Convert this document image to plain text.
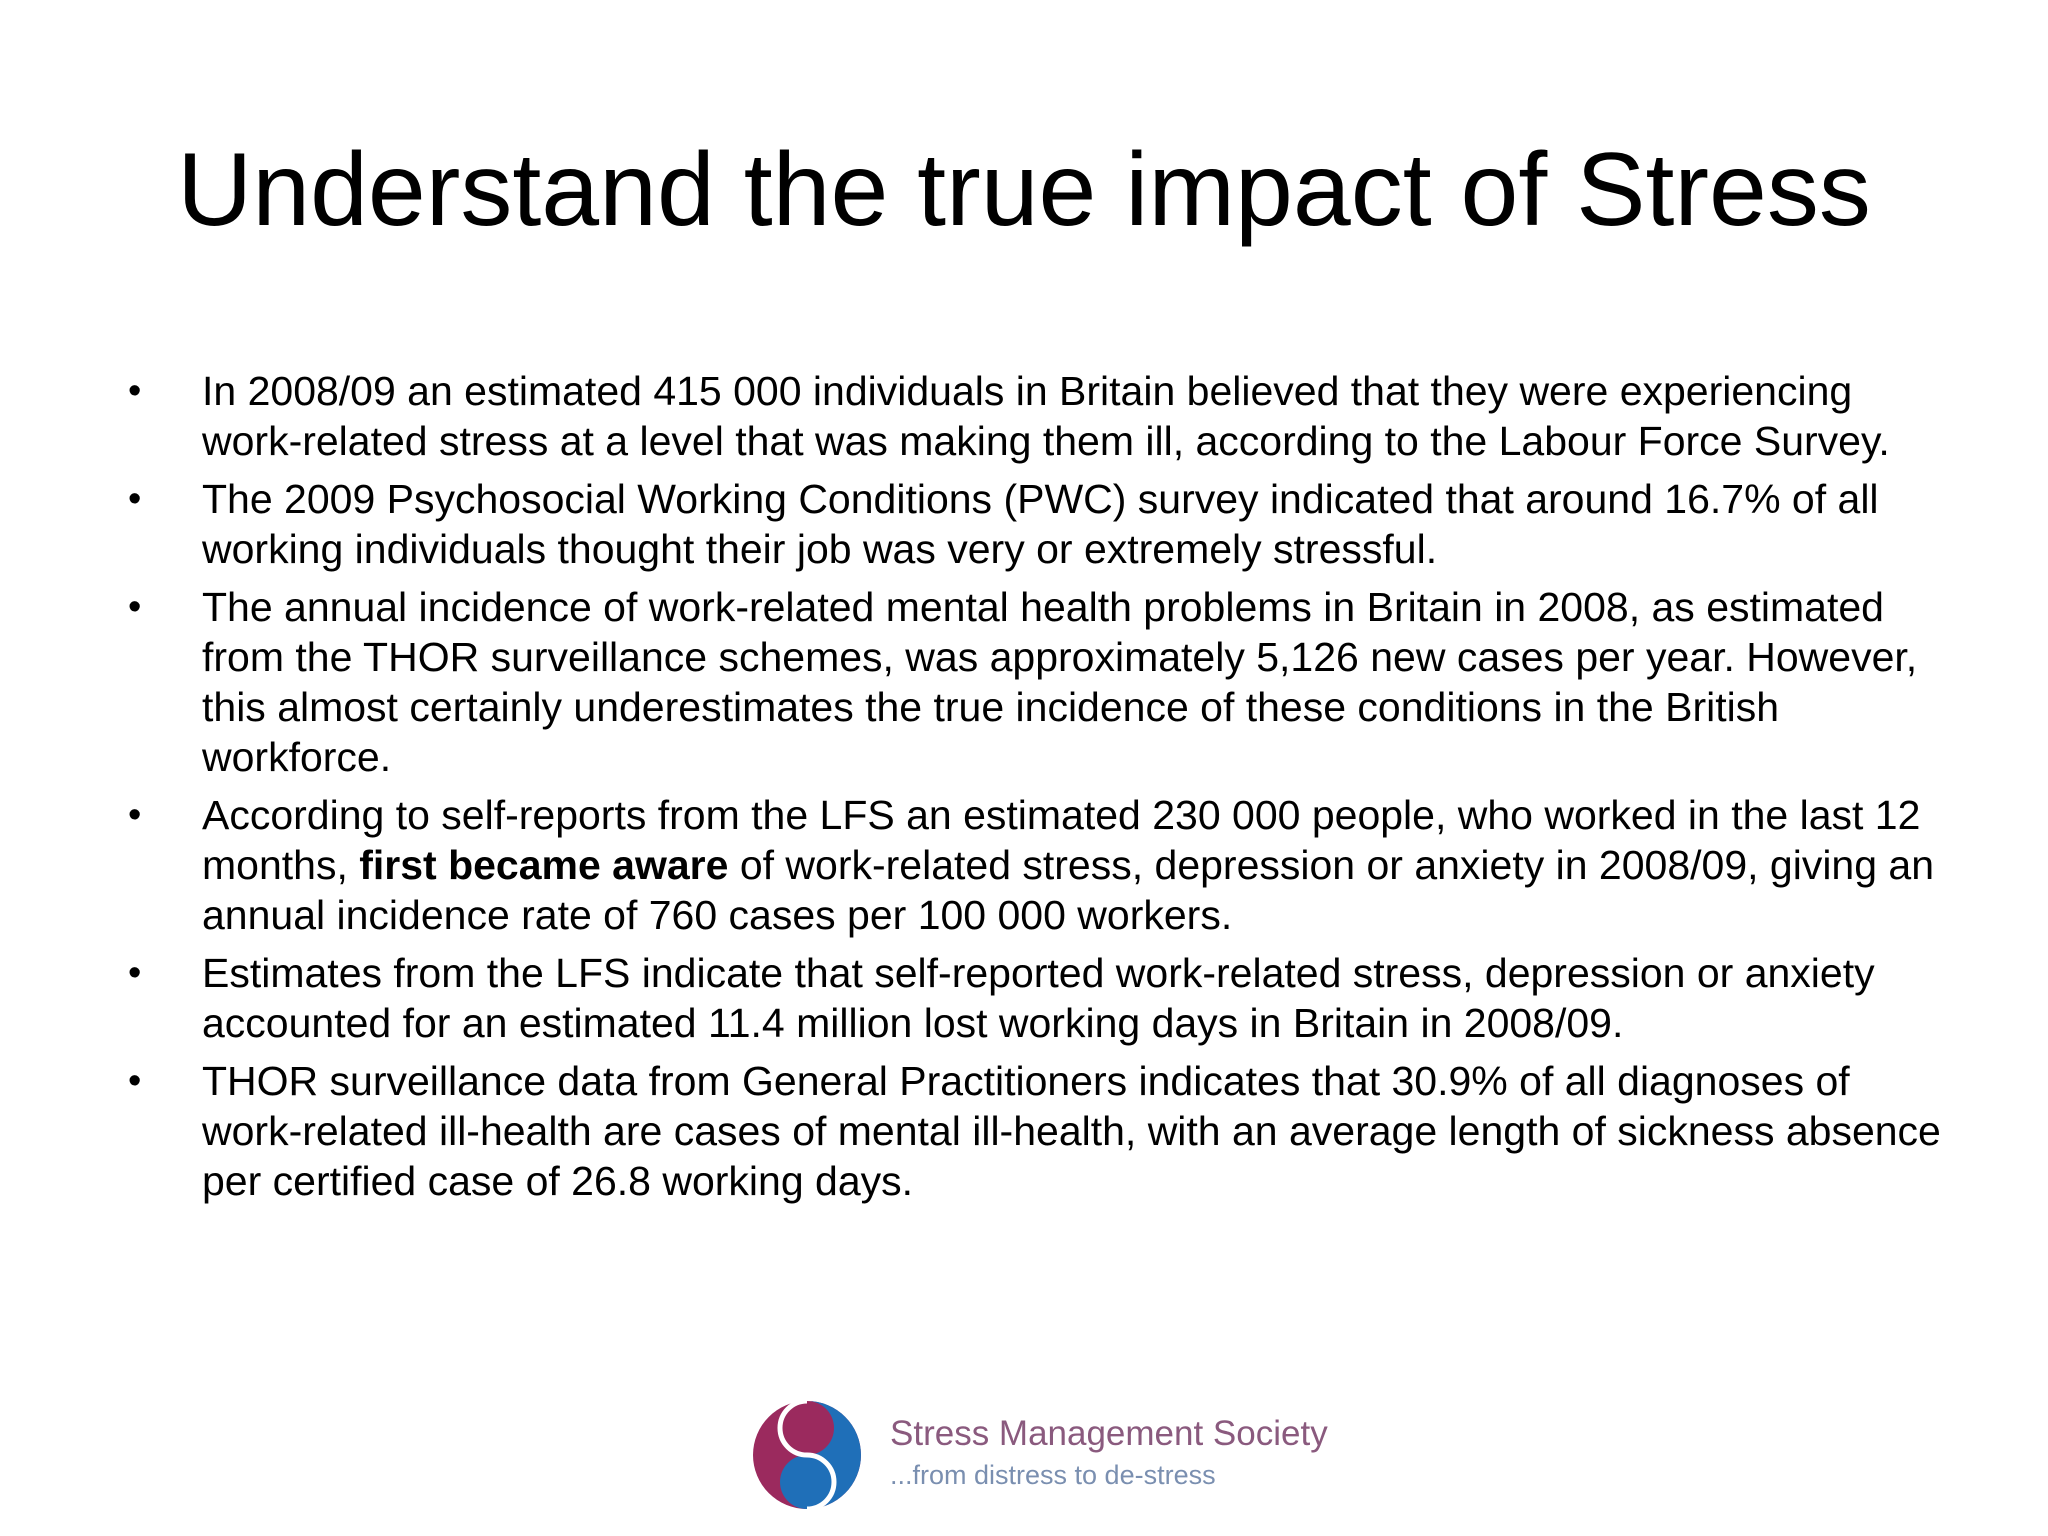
Understand the true impact of Stress
• In 2008/09 an estimated 415 000 individuals in Britain believed that they were experiencing work-related stress at a level that was making them ill, according to the Labour Force Survey.
• The 2009 Psychosocial Working Conditions (PWC) survey indicated that around 16.7% of all working individuals thought their job was very or extremely stressful.
• The annual incidence of work-related mental health problems in Britain in 2008, as estimated from the THOR surveillance schemes, was approximately 5,126 new cases per year. However, this almost certainly underestimates the true incidence of these conditions in the British workforce.
• According to self-reports from the LFS an estimated 230 000 people, who worked in the last 12 months, first became aware of work-related stress, depression or anxiety in 2008/09, giving an annual incidence rate of 760 cases per 100 000 workers.
• Estimates from the LFS indicate that self-reported work-related stress, depression or anxiety accounted for an estimated 11.4 million lost working days in Britain in 2008/09.
• THOR surveillance data from General Practitioners indicates that 30.9% of all diagnoses of work-related ill-health are cases of mental ill-health, with an average length of sickness absence per certified case of 26.8 working days.
Stress Management Society
...from distress to de-stress
